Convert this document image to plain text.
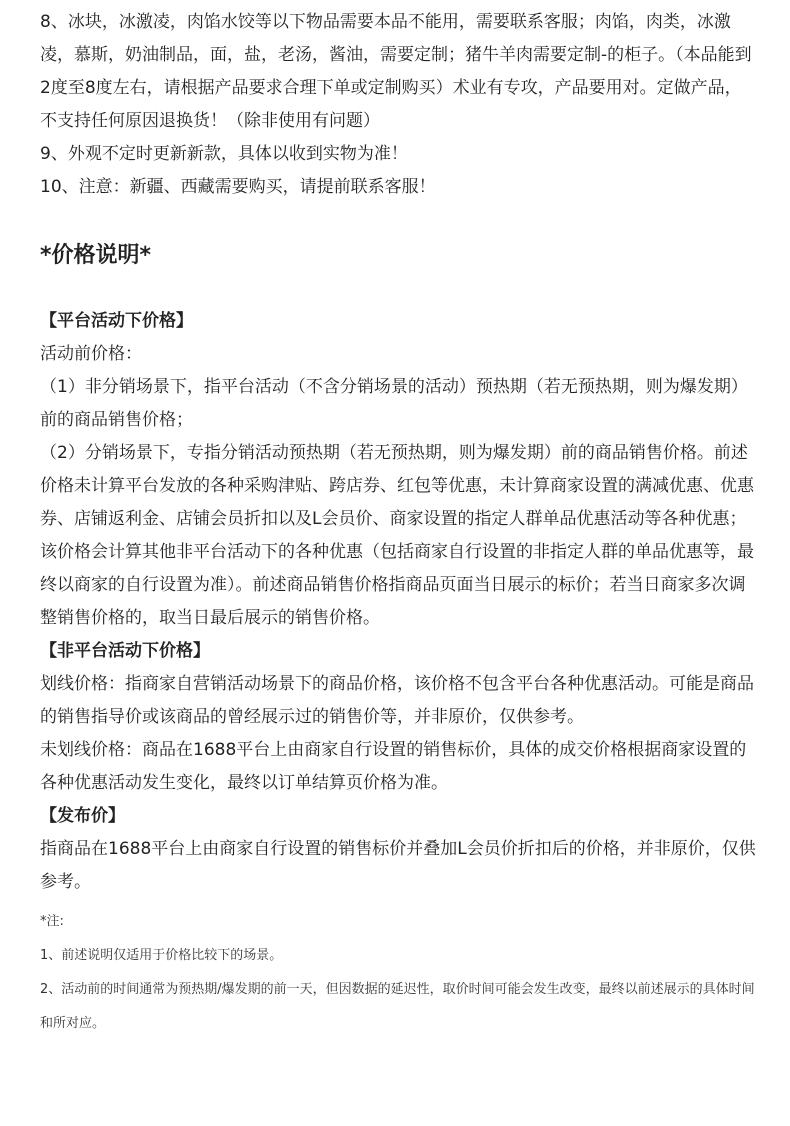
8、冰块，冰激凌，肉馅水饺等以下物品需要本品不能用，需要联系客服；肉馅，肉类，冰激凌，慕斯，奶油制品，面，盐，老汤，酱油，需要定制；猪牛羊肉需要定制-的柜子。（本品能到2度至8度左右，请根据产品要求合理下单或定制购买）术业有专攻，产品要用对。定做产品，不支持任何原因退换货！（除非使用有问题）

9、外观不定时更新新款，具体以收到实物为准！

10、注意：新疆、西藏需要购买，请提前联系客服！

*价格说明*

【平台活动下价格】

活动前价格：

（1）非分销场景下，指平台活动（不含分销场景的活动）预热期（若无预热期，则为爆发期）前的商品销售价格；

（2）分销场景下，专指分销活动预热期（若无预热期，则为爆发期）前的商品销售价格。前述价格未计算平台发放的各种采购津贴、跨店券、红包等优惠，未计算商家设置的满减优惠、优惠券、店铺返利金、店铺会员折扣以及L会员价、商家设置的指定人群单品优惠活动等各种优惠；该价格会计算其他非平台活动下的各种优惠（包括商家自行设置的非指定人群的单品优惠等，最终以商家的自行设置为准）。前述商品销售价格指商品页面当日展示的标价；若当日商家多次调整销售价格的，取当日最后展示的销售价格。

【非平台活动下价格】

划线价格：指商家自营销活动场景下的商品价格，该价格不包含平台各种优惠活动。可能是商品的销售指导价或该商品的曾经展示过的销售价等，并非原价，仅供参考。

未划线价格：商品在1688平台上由商家自行设置的销售标价，具体的成交价格根据商家设置的各种优惠活动发生变化，最终以订单结算页价格为准。

【发布价】

指商品在1688平台上由商家自行设置的销售标价并叠加L会员价折扣后的价格，并非原价，仅供参考。

*注:

1、前述说明仅适用于价格比较下的场景。

2、活动前的时间通常为预热期/爆发期的前一天，但因数据的延迟性，取价时间可能会发生改变，最终以前述展示的具体时间和所对应。
